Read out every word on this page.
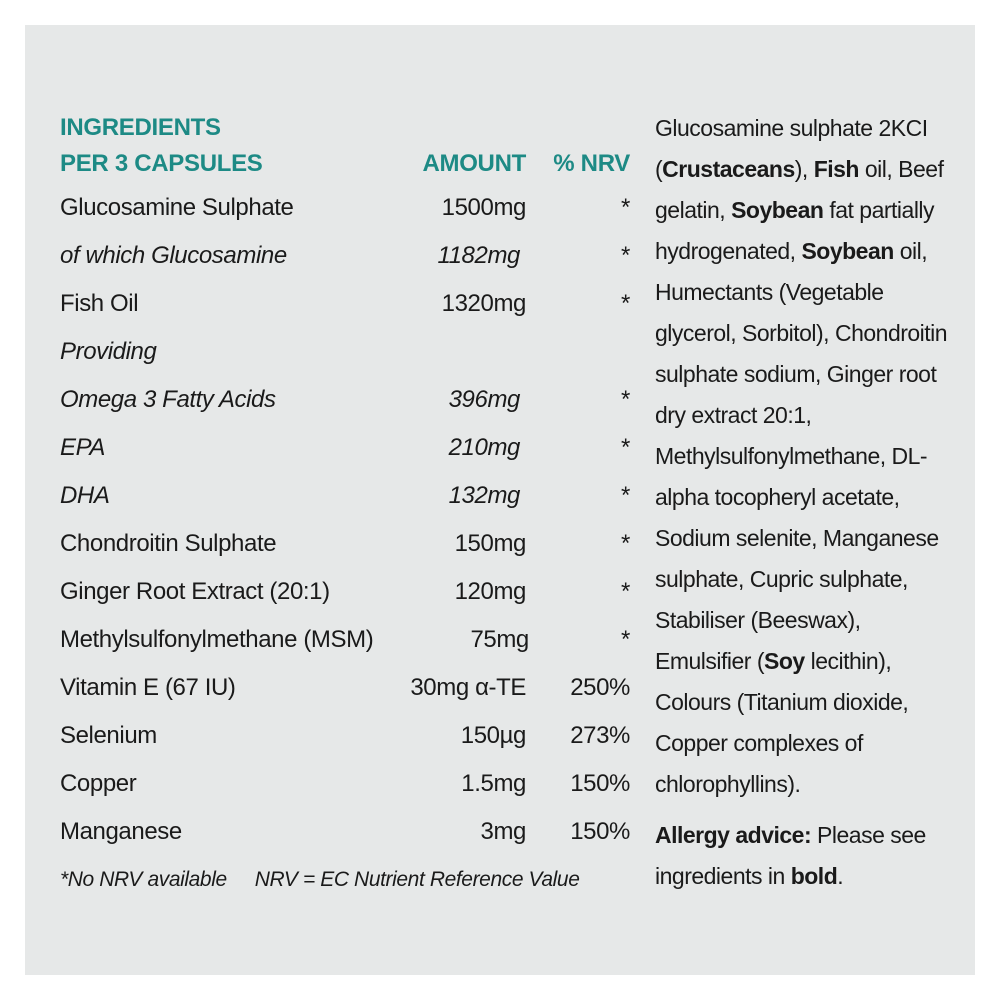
INGREDIENTS
PER 3 CAPSULES	AMOUNT	% NRV
Glucosamine Sulphate	1500mg	*
of which Glucosamine	1182mg	*
Fish Oil	1320mg	*
Providing
Omega 3 Fatty Acids	396mg	*
EPA	210mg	*
DHA	132mg	*
Chondroitin Sulphate	150mg	*
Ginger Root Extract (20:1)	120mg	*
Methylsulfonylmethane (MSM)	75mg	*
Vitamin E (67 IU)	30mg α-TE	250%
Selenium	150µg	273%
Copper	1.5mg	150%
Manganese	3mg	150%
*No NRV available NRV = EC Nutrient Reference Value
Glucosamine sulphate 2KCI (Crustaceans), Fish oil, Beef gelatin, Soybean fat partially hydrogenated, Soybean oil, Humectants (Vegetable glycerol, Sorbitol), Chondroitin sulphate sodium, Ginger root dry extract 20:1, Methylsulfonylmethane, DL-alpha tocopheryl acetate, Sodium selenite, Manganese sulphate, Cupric sulphate, Stabiliser (Beeswax), Emulsifier (Soy lecithin), Colours (Titanium dioxide, Copper complexes of chlorophyllins).
Allergy advice: Please see ingredients in bold.
